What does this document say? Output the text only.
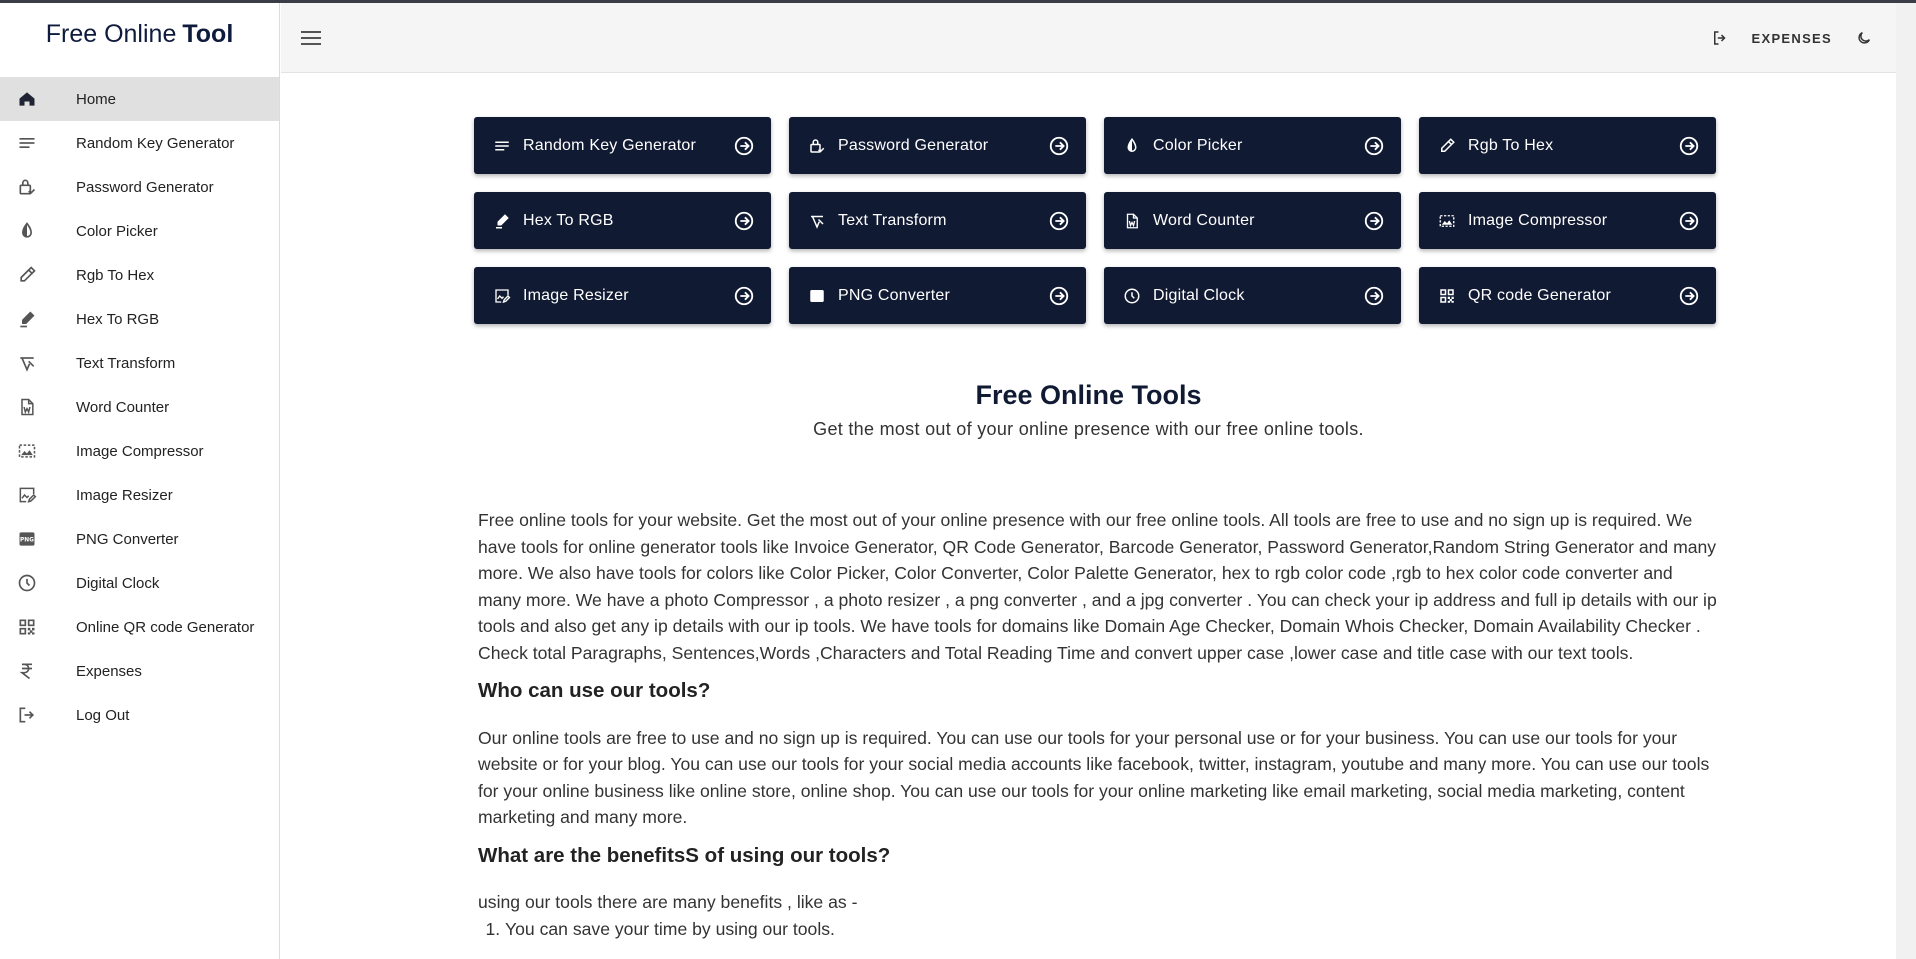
Free Online Tool
Home
Random Key Generator
Password Generator
Color Picker
Rgb To Hex
Hex To RGB
Text Transform
Word Counter
Image Compressor
Image Resizer
PNG	PNG Converter
Digital Clock
Online QR code Generator
Expenses
Log Out
EXPENSES
Random Key Generator	Password Generator	Color Picker	Rgb To Hex
Hex To RGB	Text Transform	Word Counter	Image Compressor
Image Resizer	PNG PNG Converter	Digital Clock	QR code Generator
Free Online Tools
Get the most out of your online presence with our free online tools.

Free online tools for your website. Get the most out of your online presence with our free online tools. All tools are free to use and no sign up is required. We have tools for online generator tools like Invoice Generator, QR Code Generator, Barcode Generator, Password Generator,Random String Generator and many more. We also have tools for colors like Color Picker, Color Converter, Color Palette Generator, hex to rgb color code ,rgb to hex color code converter and many more. We have a photo Compressor , a photo resizer , a png converter , and a jpg converter . You can check your ip address and full ip details with our ip tools and also get any ip details with our ip tools. We have tools for domains like Domain Age Checker, Domain Whois Checker, Domain Availability Checker . Check total Paragraphs, Sentences,Words ,Characters and Total Reading Time and convert upper case ,lower case and title case with our text tools.

Who can use our tools?

Our online tools are free to use and no sign up is required. You can use our tools for your personal use or for your business. You can use our tools for your website or for your blog. You can use our tools for your social media accounts like facebook, twitter, instagram, youtube and many more. You can use our tools for your online business like online store, online shop. You can use our tools for your online marketing like email marketing, social media marketing, content marketing and many more.

What are the benefitsS of using our tools?
using our tools there are many benefits , like as -
1. You can save your time by using our tools.
